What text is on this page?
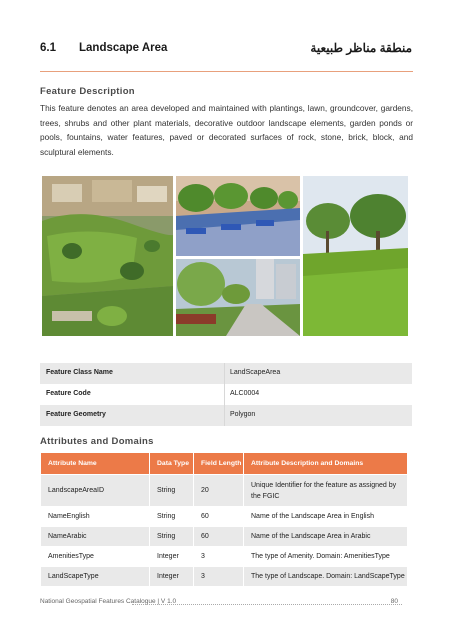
6.1 Landscape Area	منطقة مناظر طبيعية
Feature Description
This feature denotes an area developed and maintained with plantings, lawn, groundcover, gardens, trees, shrubs and other plant materials, decorative outdoor landscape elements, garden ponds or pools, fountains, water features, paved or decorated surfaces of rock, stone, brick, block, and sculptural elements.
Feature Class Name	LandScapeArea
Feature Code	ALC0004
Feature Geometry	Polygon
Attributes and Domains
Attribute Name	Data Type	Field Length	Attribute Description and Domains
LandscapeAreaID	String	20	Unique Identifier for the feature as assigned by the FGIC
NameEnglish	String	60	Name of the Landscape Area in English
NameArabic	String	60	Name of the Landscape Area in Arabic
AmenitiesType	Integer	3	The type of Amenity. Domain: AmenitiesType
LandScapeType	Integer	3	The type of Landscape. Domain: LandScapeType
National Geospatial Features Catalogue | V 1.0	80
